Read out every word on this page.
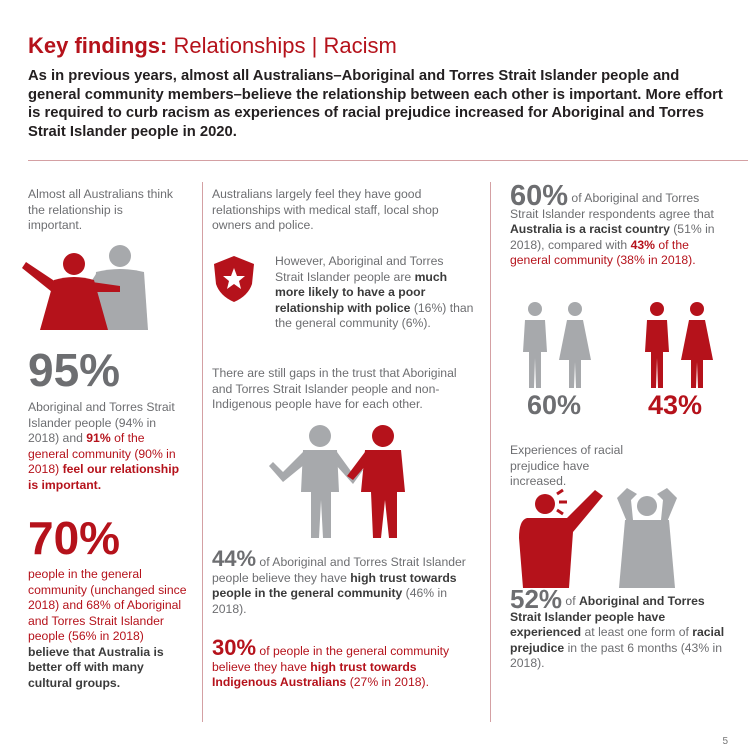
Key findings: Relationships | Racism
As in previous years, almost all Australians–Aboriginal and Torres Strait Islander people and general community members–believe the relationship between each other is important. More effort is required to curb racism as experiences of racial prejudice increased for Aboriginal and Torres Strait Islander people in 2020.
Almost all Australians think the relationship is important.
95%
Aboriginal and Torres Strait Islander people (94% in 2018) and 91% of the general community (90% in 2018) feel our relationship is important.
70%
people in the general community (unchanged since 2018) and 68% of Aboriginal and Torres Strait Islander people (56% in 2018) believe that Australia is better off with many cultural groups.
Australians largely feel they have good relationships with medical staff, local shop owners and police.
However, Aboriginal and Torres Strait Islander people are much more likely to have a poor relationship with police (16%) than the general community (6%).
There are still gaps in the trust that Aboriginal and Torres Strait Islander people and non-Indigenous people have for each other.
44% of Aboriginal and Torres Strait Islander people believe they have high trust towards people in the general community (46% in 2018).
30% of people in the general community believe they have high trust towards Indigenous Australians (27% in 2018).
60% of Aboriginal and Torres Strait Islander respondents agree that Australia is a racist country (51% in 2018), compared with 43% of the general community (38% in 2018).
60% 43%
Experiences of racial prejudice have increased.
52% of Aboriginal and Torres Strait Islander people have experienced at least one form of racial prejudice in the past 6 months (43% in 2018).
5
